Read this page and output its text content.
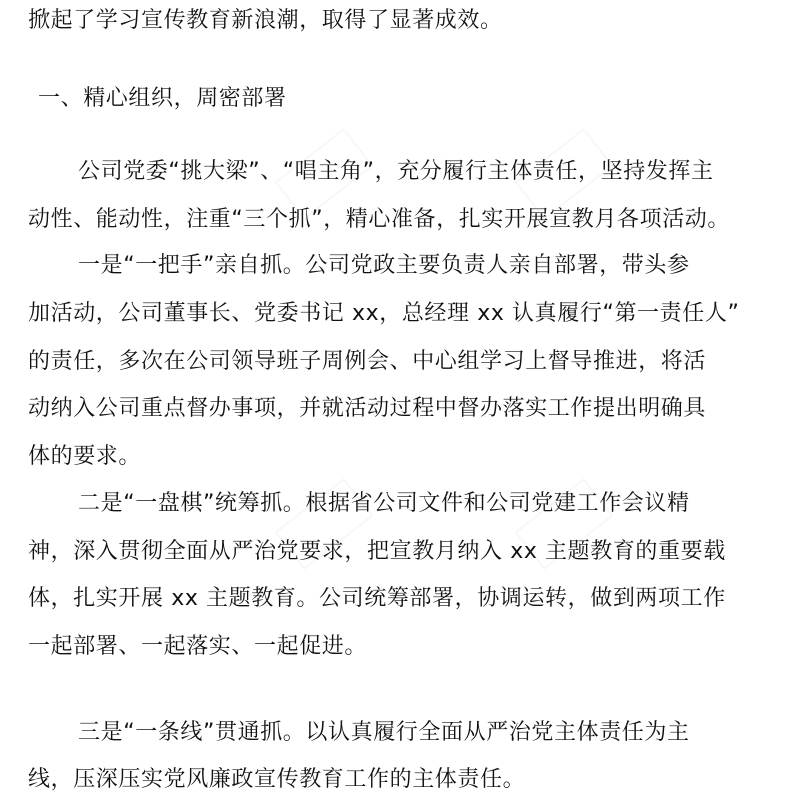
掀起了学习宣传教育新浪潮，取得了显著成效。
一、精心组织，周密部署
公司党委“挑大梁”、“唱主角”，充分履行主体责任，坚持发挥主
动性、能动性，注重“三个抓”，精心准备，扎实开展宣教月各项活动。
一是“一把手”亲自抓。公司党政主要负责人亲自部署，带头参
加活动，公司董事长、党委书记 xx，总经理 xx 认真履行“第一责任人”
的责任，多次在公司领导班子周例会、中心组学习上督导推进，将活
动纳入公司重点督办事项，并就活动过程中督办落实工作提出明确具
体的要求。
二是“一盘棋”统筹抓。根据省公司文件和公司党建工作会议精
神，深入贯彻全面从严治党要求，把宣教月纳入 xx 主题教育的重要载
体，扎实开展 xx 主题教育。公司统筹部署，协调运转，做到两项工作
一起部署、一起落实、一起促进。
三是“一条线”贯通抓。以认真履行全面从严治党主体责任为主
线，压深压实党风廉政宣传教育工作的主体责任。
